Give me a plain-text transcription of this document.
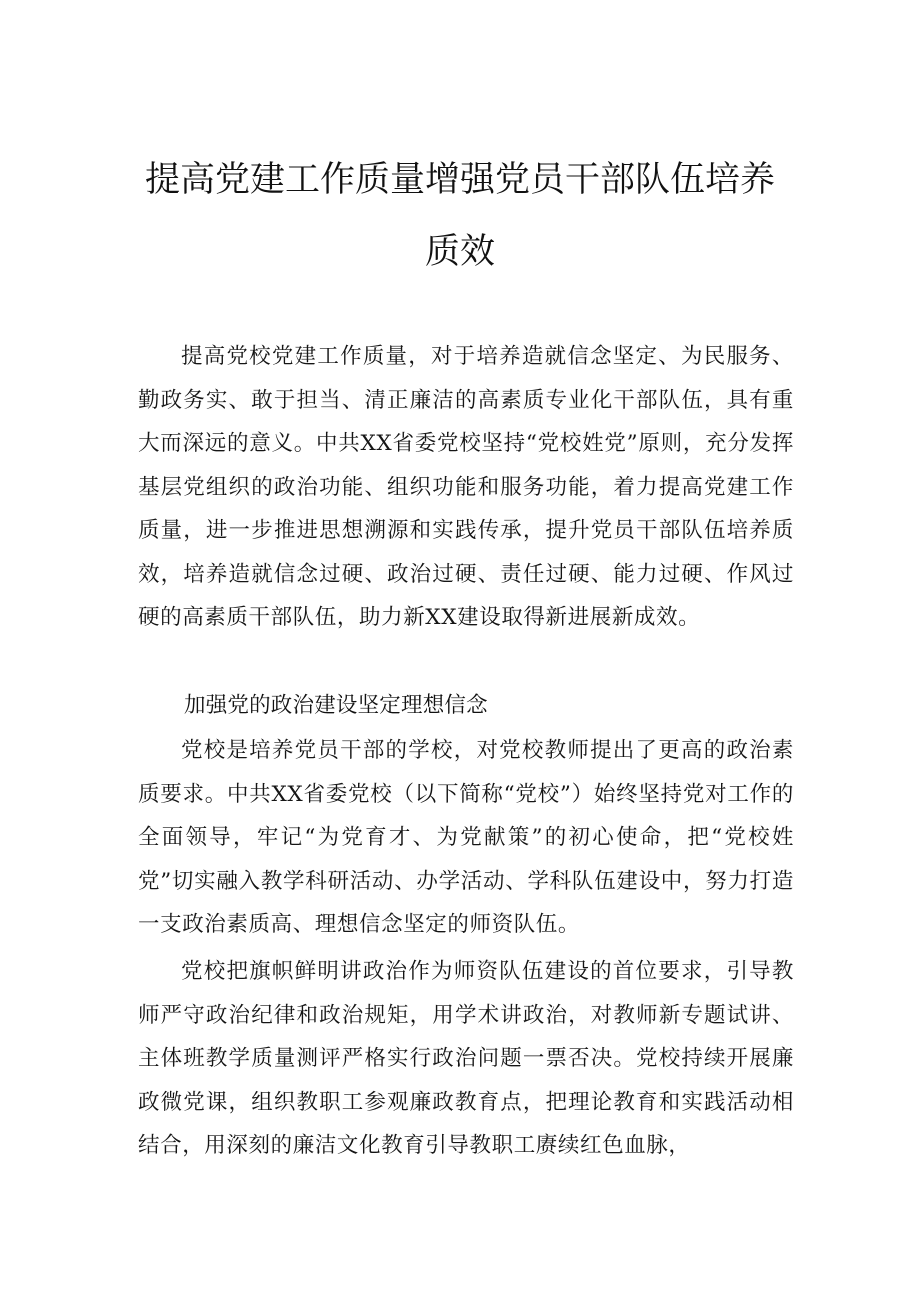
提高党建工作质量增强党员干部队伍培养
质效

提高党校党建工作质量，对于培养造就信念坚定、为民服务、勤政务实、敢于担当、清正廉洁的高素质专业化干部队伍，具有重大而深远的意义。中共XX省委党校坚持“党校姓党”原则，充分发挥基层党组织的政治功能、组织功能和服务功能，着力提高党建工作质量，进一步推进思想溯源和实践传承，提升党员干部队伍培养质效，培养造就信念过硬、政治过硬、责任过硬、能力过硬、作风过硬的高素质干部队伍，助力新XX建设取得新进展新成效。

加强党的政治建设坚定理想信念

党校是培养党员干部的学校，对党校教师提出了更高的政治素质要求。中共XX省委党校（以下简称“党校”）始终坚持党对工作的全面领导，牢记“为党育才、为党献策”的初心使命，把“党校姓党”切实融入教学科研活动、办学活动、学科队伍建设中，努力打造一支政治素质高、理想信念坚定的师资队伍。

党校把旗帜鲜明讲政治作为师资队伍建设的首位要求，引导教师严守政治纪律和政治规矩，用学术讲政治，对教师新专题试讲、主体班教学质量测评严格实行政治问题一票否决。党校持续开展廉政微党课，组织教职工参观廉政教育点，把理论教育和实践活动相结合，用深刻的廉洁文化教育引导教职工赓续红色血脉，
